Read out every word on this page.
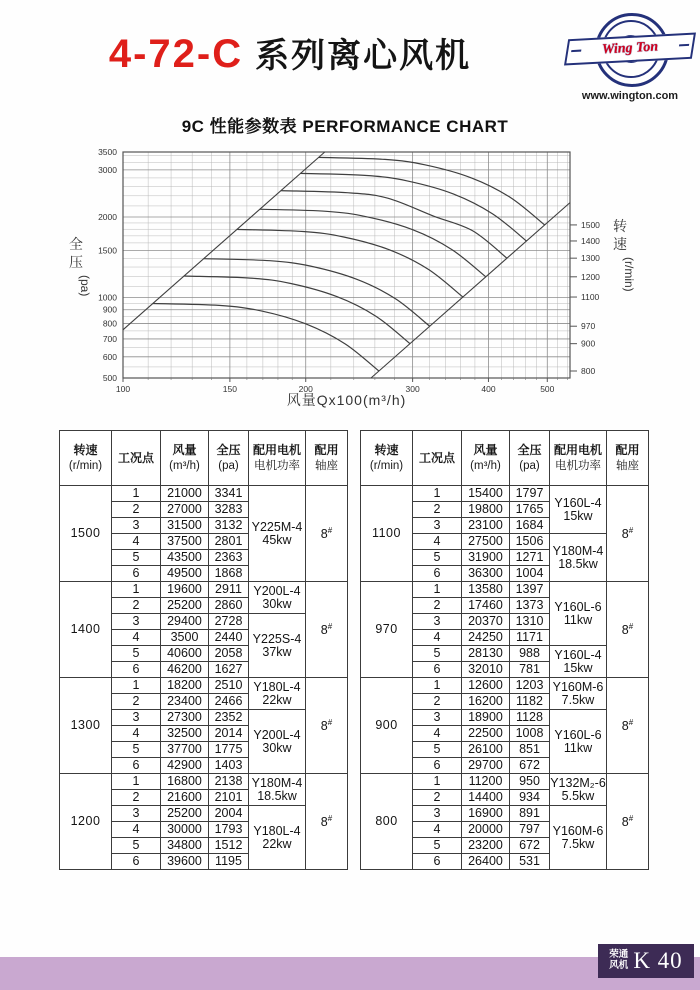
4-72-C 系列离心风机	Wing Ton
www.wington.com
9C 性能参数表 PERFORMANCE CHART
500
600
700
800
900
1000
1500
2000
3000
3500
100	150	200	300	400	500
1500
1400
1300
1200
1100
970
900
800
风量Qx100(m³/h)
全
压
(pa)
转
速
(r/min)
转速
(r/min)	工况点	风量
(m³/h)	全压
(pa)	配用电机
电机功率	配用
轴座
1500	1	21000	3341	Y225M-4
45kw	8#
	2	27000	3283		
	3	31500	3132		
	4	37500	2801		
	5	43500	2363		
	6	49500	1868		
1400	1	19600	2911	Y200L-4
30kw	8#
	2	25200	2860		
	3	29400	2728	Y225S-4
37kw	
	4	3500	2440		
	5	40600	2058		
	6	46200	1627		
1300	1	18200	2510	Y180L-4
22kw	8#
	2	23400	2466		
	3	27300	2352	Y200L-4
30kw	
	4	32500	2014		
	5	37700	1775		
	6	42900	1403		
1200	1	16800	2138	Y180M-4
18.5kw	8#
	2	21600	2101		
	3	25200	2004	Y180L-4
22kw	
	4	30000	1793		
	5	34800	1512		
	6	39600	1195		
转速
(r/min)	工况点	风量
(m³/h)	全压
(pa)	配用电机
电机功率	配用
轴座
1100	1	15400	1797	Y160L-4
15kw	8#
	2	19800	1765		
	3	23100	1684		
	4	27500	1506	Y180M-4
18.5kw	
	5	31900	1271		
	6	36300	1004		
970	1	13580	1397	Y160L-6
11kw	8#
	2	17460	1373		
	3	20370	1310		
	4	24250	1171		
	5	28130	988	Y160L-4
15kw	
	6	32010	781		
900	1	12600	1203	Y160M-6
7.5kw	8#
	2	16200	1182		
	3	18900	1128	Y160L-6
11kw	
	4	22500	1008		
	5	26100	851		
	6	29700	672		
800	1	11200	950	Y132M₂-6
5.5kw	8#
	2	14400	934		
	3	16900	891	Y160M-6
7.5kw	
	4	20000	797		
	5	23200	672		
	6	26400	531		
荣通
风机 K 40
